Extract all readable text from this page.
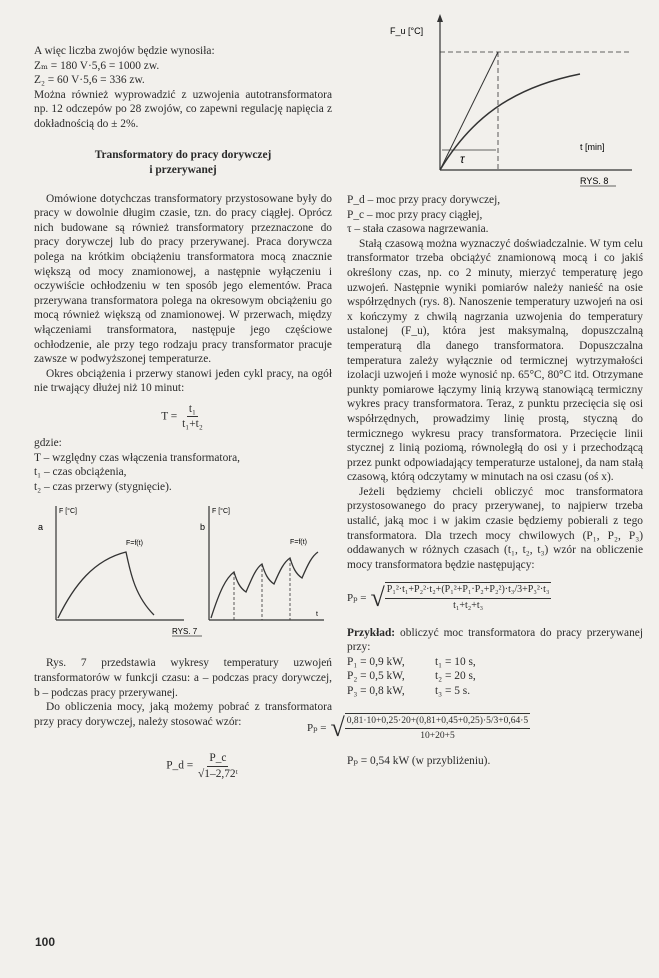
A więc liczba zwojów będzie wynosiła:

Zₘ = 180 V·5,6 = 1000 zw.

Z₂ = 60 V·5,6 = 336 zw.

Można również wyprowadzić z uzwojenia autotransformatora np. 12 odczepów po 28 zwojów, co zapewni regulację napięcia z dokładnością do ± 2%.

Transformatory do pracy dorywczej
i przerywanej

Omówione dotychczas transformatory przystosowane były do pracy w dowolnie długim czasie, tzn. do pracy ciągłej. Oprócz nich budowane są również transformatory przeznaczone do pracy dorywczej lub do pracy przerywanej. Praca dorywcza polega na krótkim obciążeniu transformatora mocą znacznie większą od mocy znamionowej, a następnie wyłączeniu i oczywiście ochłodzeniu w ten sposób jego elementów. Praca przerywana transformatora polega na okresowym obciążeniu go mocą również większą od znamionowej. W przerwach, między włączeniami transformatora, następuje jego częściowe ochłodzenie, ale przy tego rodzaju pracy transformator pracuje zawsze w podwyższonej temperaturze.

Okres obciążenia i przerwy stanowi jeden cykl pracy, na ogół nie trwający dłużej niż 10 minut:

$T = \frac{\text{t₁}}{\text{t₁+t₂}}$

gdzie:

T – względny czas włączenia transformatora,

t₁ – czas obciążenia,

t₂ – czas przerwy (stygnięcie).

a
F [°C]
F=f(t)
b
F [°C]
F=f(t)
t
RYS. 7

Rys. 7 przedstawia wykresy temperatury uzwojeń transformatorów w funkcji czasu: a – podczas pracy dorywczej, b – podczas pracy przerywanej.

Do obliczenia mocy, jaką możemy pobrać z transformatora przy pracy dorywczej, należy stosować wzór:

P_d = $\frac{P\_c}{\text{√1–2,72ᵗ}}$
F_u [°C]
τ
t [min]
RYS. 8

P_d – moc przy pracy dorywczej,

P_c – moc przy pracy ciągłej,

τ – stała czasowa nagrzewania.

Stałą czasową można wyznaczyć doświadczalnie. W tym celu transformator trzeba obciążyć znamionową mocą i co jakiś określony czas, np. co 2 minuty, mierzyć temperaturę jego uzwojeń. Następnie wyniki pomiarów należy nanieść na osie współrzędnych (rys. 8). Nanoszenie temperatury uzwojeń na osi x kończymy z chwilą nagrzania uzwojenia do temperatury ustalonej (F_u), która jest maksymalną, dopuszczalną temperaturą dla danego transformatora. Dopuszczalna temperatura zależy wyłącznie od termicznej wytrzymałości izolacji uzwojeń i może wynosić np. 65°C, 80°C itd. Otrzymane punkty pomiarowe łączymy linią krzywą stanowiącą termiczny wykres pracy transformatora. Teraz, z punktu przecięcia się osi współrzędnych, prowadzimy linię prostą, styczną do termicznego wykresu pracy transformatora. Przecięcie linii stycznej z linią poziomą, równoległą do osi y i przechodzącą przez punkt odpowiadający temperaturze ustalonej, da nam stałą czasową, którą odczytamy w minutach na osi czasu (oś x).

Jeżeli będziemy chcieli obliczyć moc transformatora przystosowanego do pracy przerywanej, to najpierw trzeba ustalić, jaką moc i w jakim czasie będziemy pobierali z tego transformatora. Dla trzech mocy chwilowych (P₁, P₂, P₃) oddawanych w różnych czasach (t₁, t₂, t₃) wzór na obliczenie mocy transformatora będzie następujący:

Pₚ = √ $\frac{\text{P₁²·t₁+P₂²·t₂+(P₁²+P₁·P₂+P₂²)·t₃/3+P₃²·t₃}}{\text{t₁+t₂+t₃}}$

Przykład: obliczyć moc transformatora do pracy przerywanej przy:

P₁ = 0,9 kW,	t₁ = 10 s,
P₂ = 0,5 kW,	t₂ = 20 s,
P₃ = 0,8 kW,	t₃ = 5 s.
Pₚ = √ $\frac{0,81\cdot 10+0,25\cdot 20+(0,81+0,45+0,25)\cdot 5/3+0,64\cdot 5}{10+20+5}$

Pₚ = 0,54 kW (w przybliżeniu).

100
